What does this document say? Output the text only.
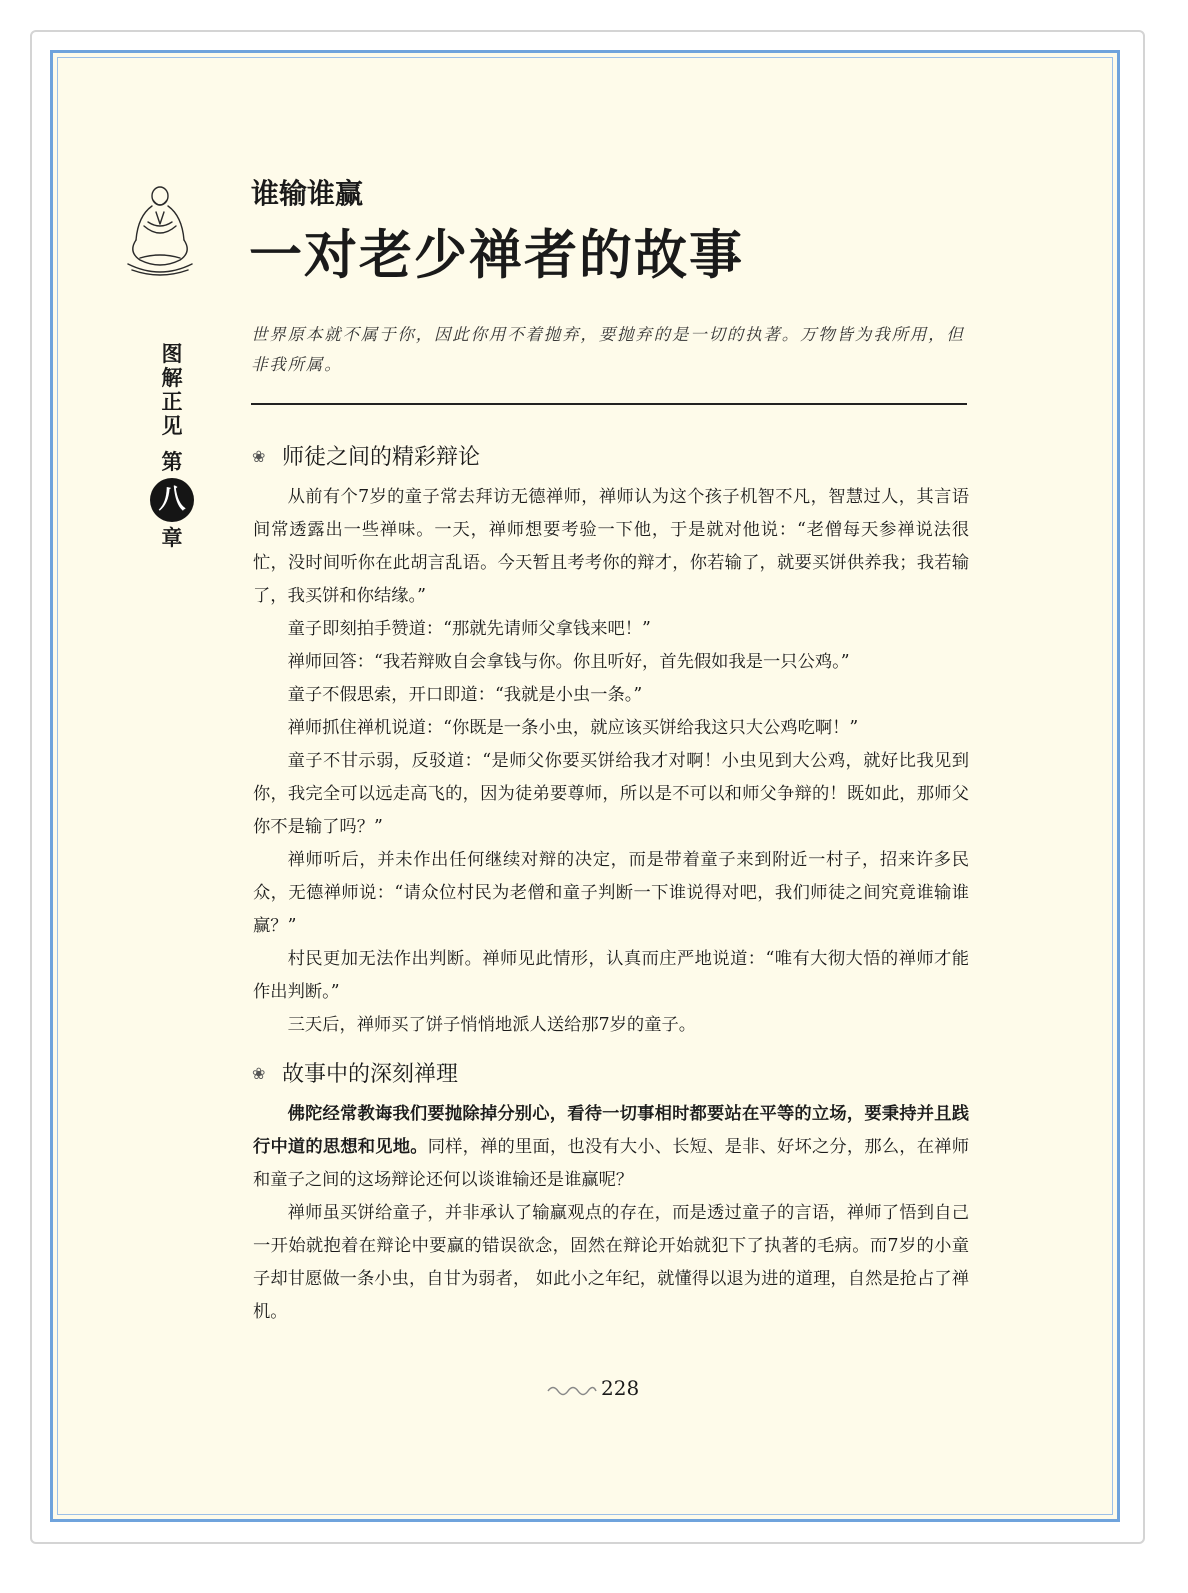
图
解
正
见
第
八
章
谁输谁赢
一对老少禅者的故事
世界原本就不属于你，因此你用不着抛弃，要抛弃的是一切的执著。万物皆为我所用，但非我所属。
❀ 师徒之间的精彩辩论

从前有个7岁的童子常去拜访无德禅师，禅师认为这个孩子机智不凡，智慧过人，其言语间常透露出一些禅味。一天，禅师想要考验一下他，于是就对他说：“老僧每天参禅说法很忙，没时间听你在此胡言乱语。今天暂且考考你的辩才，你若输了，就要买饼供养我；我若输了，我买饼和你结缘。”

童子即刻拍手赞道：“那就先请师父拿钱来吧！”

禅师回答：“我若辩败自会拿钱与你。你且听好，首先假如我是一只公鸡。”

童子不假思索，开口即道：“我就是小虫一条。”

禅师抓住禅机说道：“你既是一条小虫，就应该买饼给我这只大公鸡吃啊！”

童子不甘示弱，反驳道：“是师父你要买饼给我才对啊！小虫见到大公鸡，就好比我见到你，我完全可以远走高飞的，因为徒弟要尊师，所以是不可以和师父争辩的！既如此，那师父你不是输了吗？”

禅师听后，并未作出任何继续对辩的决定，而是带着童子来到附近一村子，招来许多民众，无德禅师说：“请众位村民为老僧和童子判断一下谁说得对吧，我们师徒之间究竟谁输谁赢？”

村民更加无法作出判断。禅师见此情形，认真而庄严地说道：“唯有大彻大悟的禅师才能作出判断。”

三天后，禅师买了饼子悄悄地派人送给那7岁的童子。

❀ 故事中的深刻禅理

佛陀经常教诲我们要抛除掉分别心，看待一切事相时都要站在平等的立场，要秉持并且践行中道的思想和见地。同样，禅的里面，也没有大小、长短、是非、好坏之分，那么，在禅师和童子之间的这场辩论还何以谈谁输还是谁赢呢？

禅师虽买饼给童子，并非承认了输赢观点的存在，而是透过童子的言语，禅师了悟到自己一开始就抱着在辩论中要赢的错误欲念，固然在辩论开始就犯下了执著的毛病。而7岁的小童子却甘愿做一条小虫，自甘为弱者， 如此小之年纪，就懂得以退为进的道理，自然是抢占了禅机。

228
